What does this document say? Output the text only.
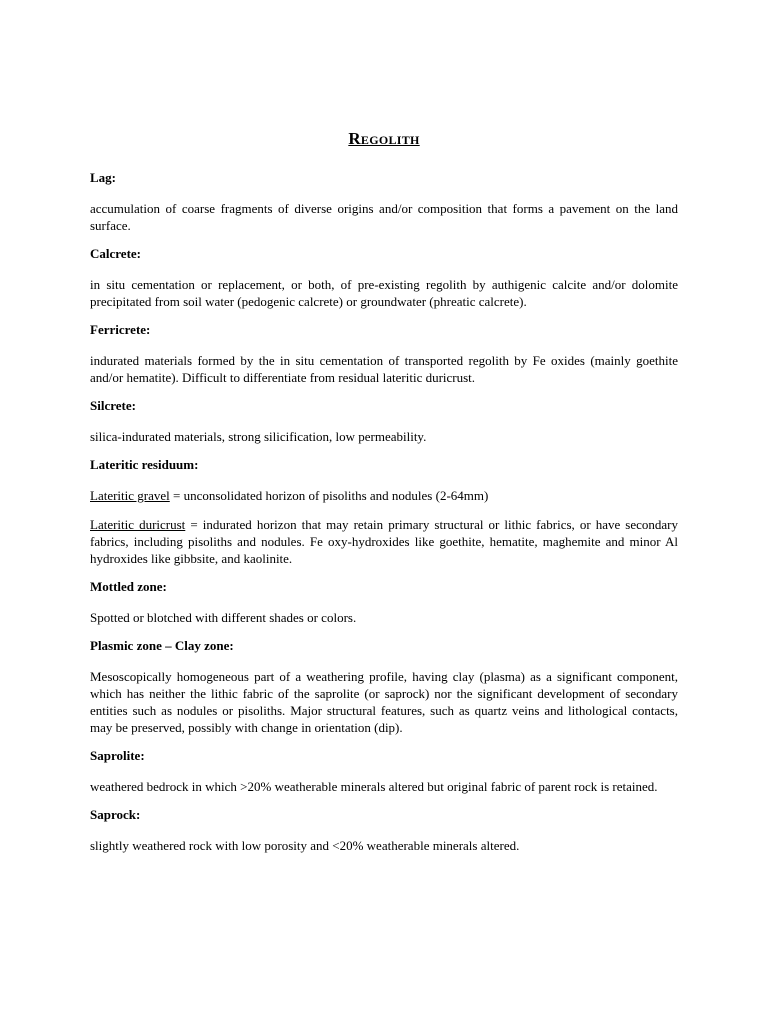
Regolith
Lag:
accumulation of coarse fragments of diverse origins and/or composition that forms a pavement on the land surface.
Calcrete:
in situ cementation or replacement, or both, of pre-existing regolith by authigenic calcite and/or dolomite precipitated from soil water (pedogenic calcrete) or groundwater (phreatic calcrete).
Ferricrete:
indurated materials formed by the in situ cementation of transported regolith by Fe oxides (mainly goethite and/or hematite). Difficult to differentiate from residual lateritic duricrust.
Silcrete:
silica-indurated materials, strong silicification, low permeability.
Lateritic residuum:
Lateritic gravel = unconsolidated horizon of pisoliths and nodules (2-64mm)
Lateritic duricrust = indurated horizon that may retain primary structural or lithic fabrics, or have secondary fabrics, including pisoliths and nodules. Fe oxy-hydroxides like goethite, hematite, maghemite and minor Al hydroxides like gibbsite, and kaolinite.
Mottled zone:
Spotted or blotched with different shades or colors.
Plasmic zone – Clay zone:
Mesoscopically homogeneous part of a weathering profile, having clay (plasma) as a significant component, which has neither the lithic fabric of the saprolite (or saprock) nor the significant development of secondary entities such as nodules or pisoliths. Major structural features, such as quartz veins and lithological contacts, may be preserved, possibly with change in orientation (dip).
Saprolite:
weathered bedrock in which >20% weatherable minerals altered but original fabric of parent rock is retained.
Saprock:
slightly weathered rock with low porosity and <20% weatherable minerals altered.
